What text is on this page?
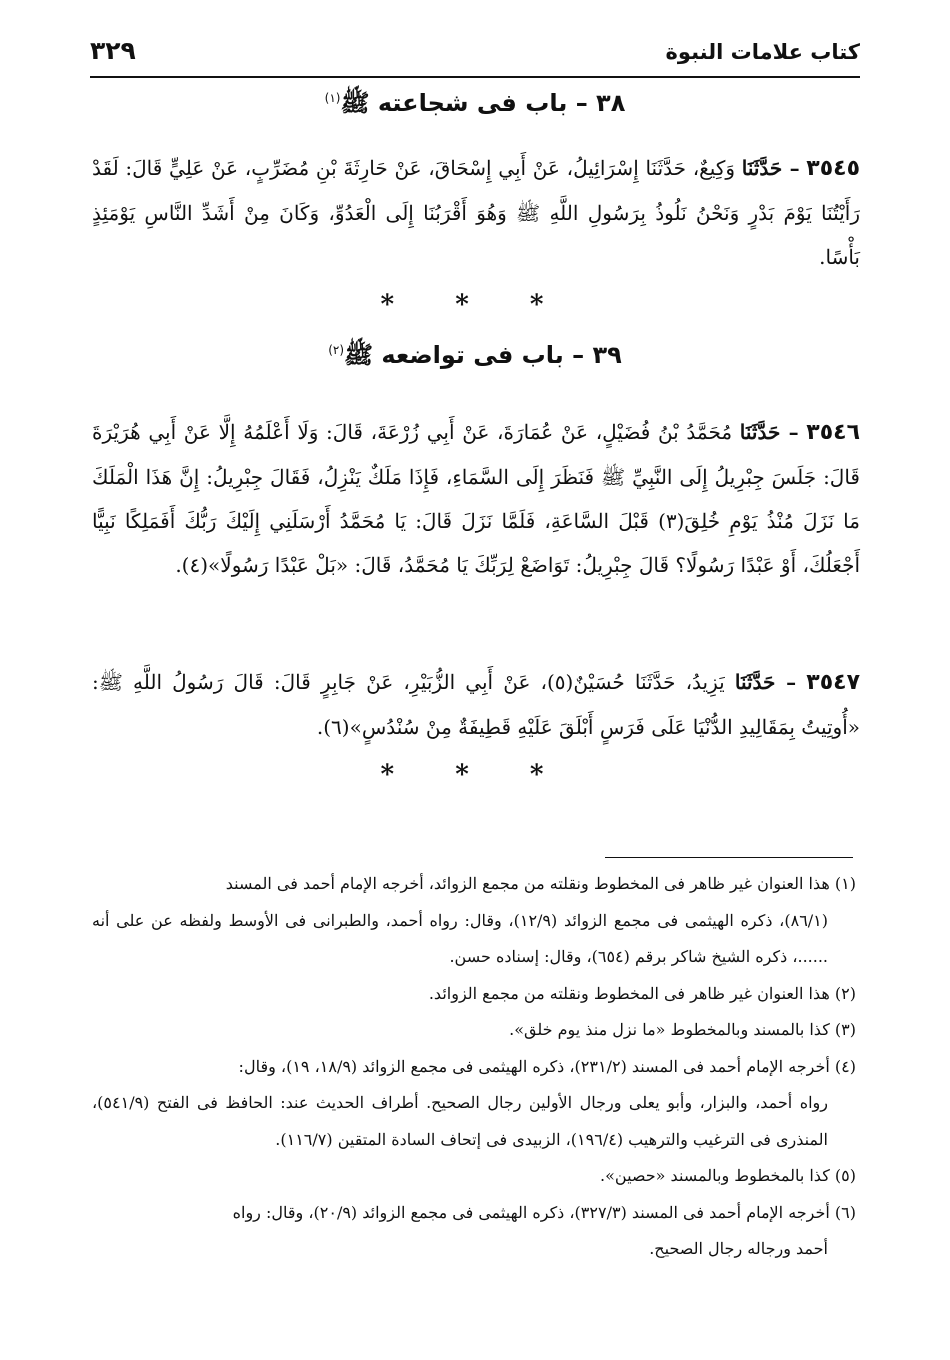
كتاب علامات النبوة
٣٢٩
٣٨ – باب فى شجاعته ﷺ$^{(١)}$
٣٥٤٥ – حَدَّثَنَا وَكِيعٌ، حَدَّثَنَا إِسْرَائِيلُ، عَنْ أَبِي إِسْحَاقَ، عَنْ حَارِثَةَ بْنِ مُضَرِّبٍ، عَنْ عَلِيٍّ قَالَ: لَقَدْ رَأَيْتُنَا يَوْمَ بَدْرٍ وَنَحْنُ نَلُوذُ بِرَسُولِ اللَّهِ ﷺ وَهُوَ أَقْرَبُنَا إِلَى الْعَدُوِّ، وَكَانَ مِنْ أَشَدِّ النَّاسِ يَوْمَئِذٍ بَأْسًا.
* * *
٣٩ – باب فى تواضعه ﷺ$^{(٢)}$
٣٥٤٦ – حَدَّثَنَا مُحَمَّدُ بْنُ فُضَيْلٍ، عَنْ عُمَارَةَ، عَنْ أَبِي زُرْعَةَ، قَالَ: وَلَا أَعْلَمُهُ إِلَّا عَنْ أَبِي هُرَيْرَةَ قَالَ: جَلَسَ جِبْرِيلُ إِلَى النَّبِيِّ ﷺ فَنَظَرَ إِلَى السَّمَاءِ، فَإِذَا مَلَكٌ يَنْزِلُ، فَقَالَ جِبْرِيلُ: إِنَّ هَذَا الْمَلَكَ مَا نَزَلَ مُنْذُ يَوْمِ خُلِقَ(٣) قَبْلَ السَّاعَةِ، فَلَمَّا نَزَلَ قَالَ: يَا مُحَمَّدُ أَرْسَلَنِي إِلَيْكَ رَبُّكَ أَفَمَلِكًا نَبِيًّا أَجْعَلُكَ، أَوْ عَبْدًا رَسُولًا؟ قَالَ جِبْرِيلُ: تَوَاضَعْ لِرَبِّكَ يَا مُحَمَّدُ، قَالَ: «بَلْ عَبْدًا رَسُولًا»(٤).
٣٥٤٧ – حَدَّثَنَا يَزِيدُ، حَدَّثَنَا حُسَيْنٌ(٥)، عَنْ أَبِي الزُّبَيْرِ، عَنْ جَابِرٍ قَالَ: قَالَ رَسُولُ اللَّهِ ﷺ: «أُوتِيتُ بِمَقَالِيدِ الدُّنْيَا عَلَى فَرَسٍ أَبْلَقَ عَلَيْهِ قَطِيفَةٌ مِنْ سُنْدُسٍ»(٦).
* * *
(١) هذا العنوان غير ظاهر فى المخطوط ونقلته من مجمع الزوائد، أخرجه الإمام أحمد فى المسند
(٨٦/١)، ذكره الهيثمى فى مجمع الزوائد (١٢/٩)، وقال: رواه أحمد، والطبرانى فى الأوسط ولفظه عن على أنه ......، ذكره الشيخ شاكر برقم (٦٥٤)، وقال: إسناده حسن.
(٢) هذا العنوان غير ظاهر فى المخطوط ونقلته من مجمع الزوائد.
(٣) كذا بالمسند وبالمخطوط «ما نزل منذ يوم خلق».
(٤) أخرجه الإمام أحمد فى المسند (٢٣١/٢)، ذكره الهيثمى فى مجمع الزوائد (١٨/٩، ١٩)، وقال:
رواه أحمد، والبزار، وأبو يعلى ورجال الأولين رجال الصحيح. أطراف الحديث عند: الحافظ فى الفتح (٥٤١/٩)، المنذرى فى الترغيب والترهيب (١٩٦/٤)، الزبيدى فى إتحاف السادة المتقين (١١٦/٧).
(٥) كذا بالمخطوط وبالمسند «حصين».
(٦) أخرجه الإمام أحمد فى المسند (٣٢٧/٣)، ذكره الهيثمى فى مجمع الزوائد (٢٠/٩)، وقال: رواه
أحمد ورجاله رجال الصحيح.
